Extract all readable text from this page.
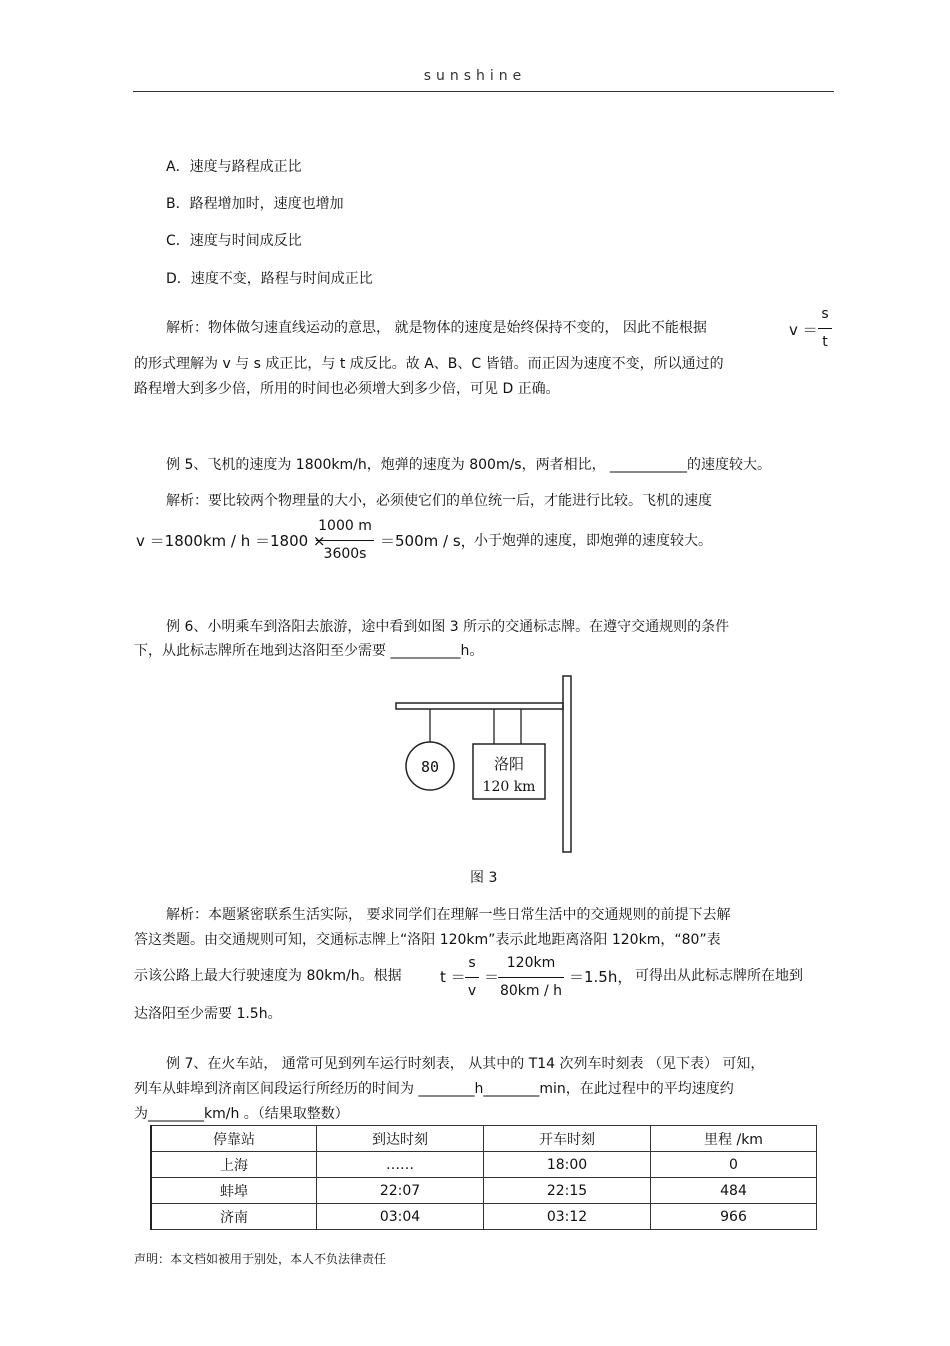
sunshine
A．速度与路程成正比
B．路程增加时，速度也增加
C．速度与时间成反比
D．速度不变，路程与时间成正比
解析：物体做匀速直线运动的意思， 就是物体的速度是始终保持不变的， 因此不能根据	v ＝
s
t
的形式理解为 v 与 s 成正比，与 t 成反比。故 A、B、C 皆错。而正因为速度不变，所以通过的
路程增大到多少倍，所用的时间也必须增大到多少倍，可见 D 正确。
例 5、飞机的速度为 1800km/h，炮弹的速度为 800m/s，两者相比， ___________的速度较大。
解析：要比较两个物理量的大小，必须使它们的单位统一后，才能进行比较。飞机的速度
v ＝1800km / h ＝1800 ×
1000 m
3600s
＝500m / s，
小于炮弹的速度，即炮弹的速度较大。
例 6、小明乘车到洛阳去旅游，途中看到如图 3 所示的交通标志牌。在遵守交通规则的条件
下，从此标志牌所在地到达洛阳至少需要 __________h。
80	洛阳
120 km
图 3
解析：本题紧密联系生活实际， 要求同学们在理解一些日常生活中的交通规则的前提下去解
答这类题。由交通规则可知，交通标志牌上“洛阳 120km”表示此地距离洛阳 120km，“80”表
示该公路上最大行驶速度为 80km/h。根据	t ＝
s
v
＝
120km
80km / h
＝1.5h， 可得出从此标志牌所在地到
达洛阳至少需要 1.5h。
例 7、在火车站， 通常可见到列车运行时刻表， 从其中的 T14 次列车时刻表 （见下表） 可知，
列车从蚌埠到济南区间段运行所经历的时间为 ________h________min，在此过程中的平均速度约
为________km/h 。（结果取整数）
停靠站	到达时刻	开车时刻	里程 /km
上海	……	18:00	0
蚌埠	22:07	22:15	484
济南	03:04	03:12	966
声明：本文档如被用于别处，本人不负法律责任
